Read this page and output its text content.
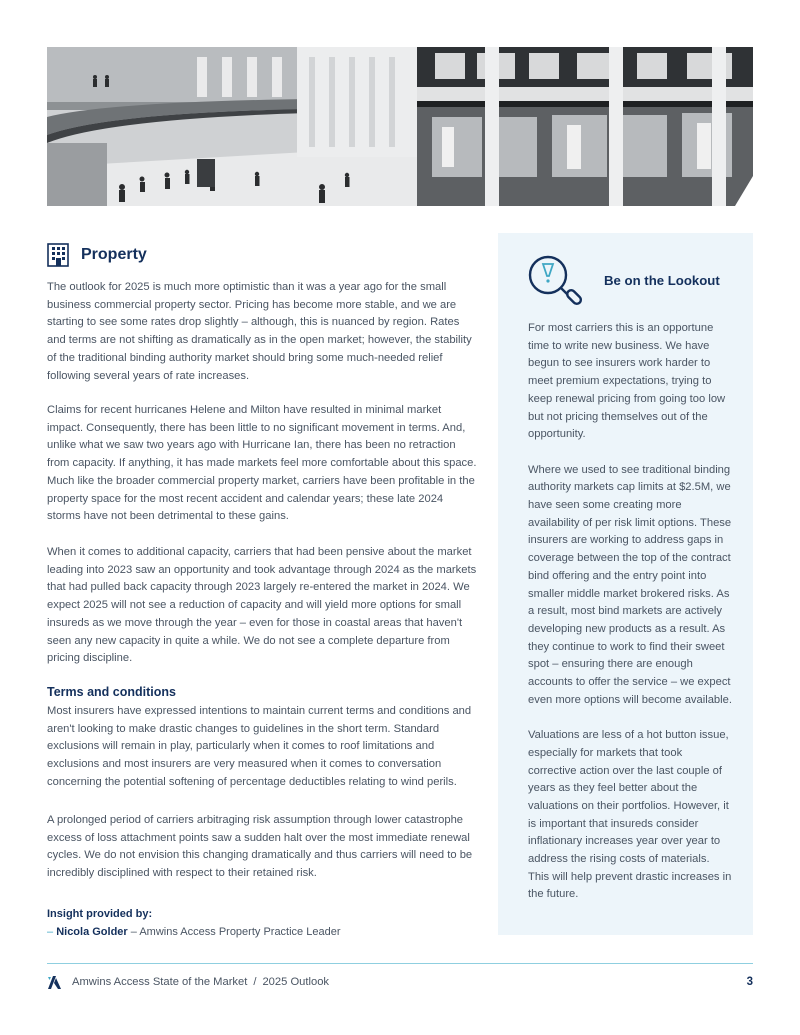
Property

The outlook for 2025 is much more optimistic than it was a year ago for the small business commercial property sector. Pricing has become more stable, and we are starting to see some rates drop slightly – although, this is nuanced by region. Rates and terms are not shifting as dramatically as in the open market; however, the stability of the traditional binding authority market should bring some much-needed relief following several years of rate increases.

Claims for recent hurricanes Helene and Milton have resulted in minimal market impact. Consequently, there has been little to no significant movement in terms. And, unlike what we saw two years ago with Hurricane Ian, there has been no retraction from capacity. If anything, it has made markets feel more comfortable about this space. Much like the broader commercial property market, carriers have been profitable in the property space for the most recent accident and calendar years; these late 2024 storms have not been detrimental to these gains.

When it comes to additional capacity, carriers that had been pensive about the market leading into 2023 saw an opportunity and took advantage through 2024 as the markets that had pulled back capacity through 2023 largely re-entered the market in 2024. We expect 2025 will not see a reduction of capacity and will yield more options for small insureds as we move through the year – even for those in coastal areas that haven't seen any new capacity in quite a while. We do not see a complete departure from pricing discipline.

Terms and conditions

Most insurers have expressed intentions to maintain current terms and conditions and aren't looking to make drastic changes to guidelines in the short term. Standard exclusions will remain in play, particularly when it comes to roof limitations and exclusions and most insurers are very measured when it comes to conversation concerning the potential softening of percentage deductibles relating to wind perils.

A prolonged period of carriers arbitraging risk assumption through lower catastrophe excess of loss attachment points saw a sudden halt over the most immediate renewal cycles. We do not envision this changing dramatically and thus carriers will need to be incredibly disciplined with respect to their retained risk.

Insight provided by:
– Nicola Golder – Amwins Access Property Practice Leader
Be on the Lookout

For most carriers this is an opportune time to write new business. We have begun to see insurers work harder to meet premium expectations, trying to keep renewal pricing from going too low but not pricing themselves out of the opportunity.

Where we used to see traditional binding authority markets cap limits at $2.5M, we have seen some creating more availability of per risk limit options. These insurers are working to address gaps in coverage between the top of the contract bind offering and the entry point into smaller middle market brokered risks. As a result, most bind markets are actively developing new products as a result. As they continue to work to find their sweet spot – ensuring there are enough accounts to offer the service – we expect even more options will become available.

Valuations are less of a hot button issue, especially for markets that took corrective action over the last couple of years as they feel better about the valuations on their portfolios. However, it is important that insureds consider inflationary increases year over year to address the rising costs of materials. This will help prevent drastic increases in the future.

Amwins Access State of the Market / 2025 Outlook	3
